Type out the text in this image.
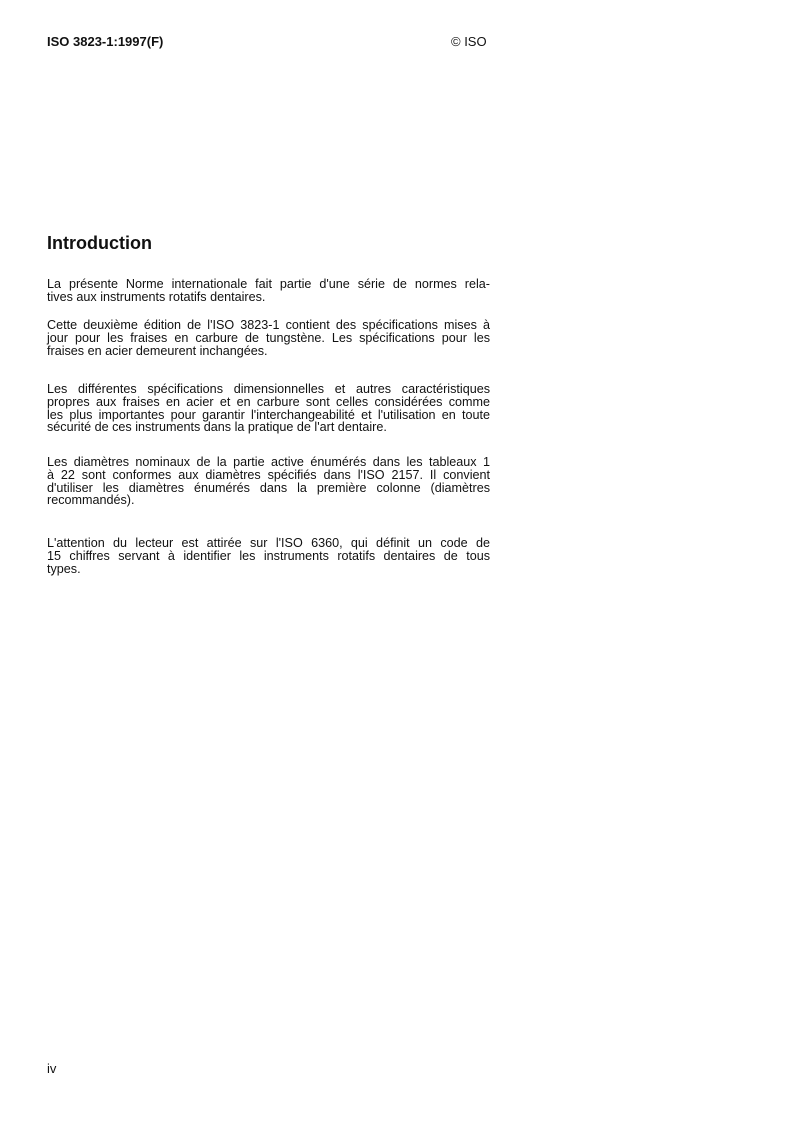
ISO 3823-1:1997(F)	© ISO
Introduction
La présente Norme internationale fait partie d'une série de normes rela-
tives aux instruments rotatifs dentaires.
Cette deuxième édition de l'ISO 3823-1 contient des spécifications mises à
jour pour les fraises en carbure de tungstène. Les spécifications pour les
fraises en acier demeurent inchangées.
Les différentes spécifications dimensionnelles et autres caractéristiques
propres aux fraises en acier et en carbure sont celles considérées comme
les plus importantes pour garantir l'interchangeabilité et l'utilisation en toute
sécurité de ces instruments dans la pratique de l'art dentaire.
Les diamètres nominaux de la partie active énumérés dans les tableaux 1
à 22 sont conformes aux diamètres spécifiés dans l'ISO 2157. Il convient
d'utiliser les diamètres énumérés dans la première colonne (diamètres
recommandés).
L'attention du lecteur est attirée sur l'ISO 6360, qui définit un code de
15 chiffres servant à identifier les instruments rotatifs dentaires de tous
types.
iv
